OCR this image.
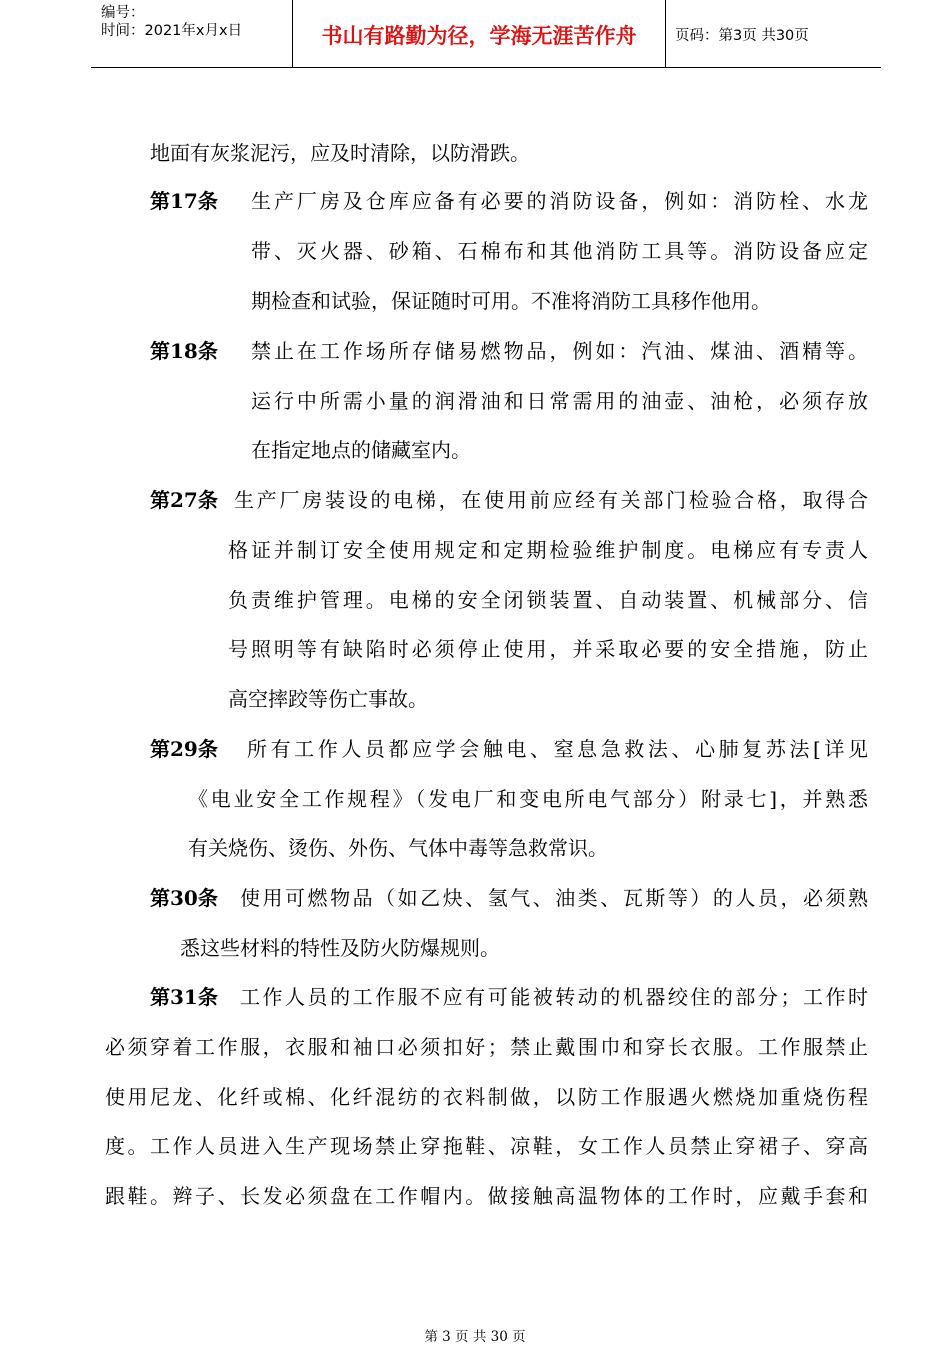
编号：
时间：2021年x月x日	书山有路勤为径，学海无涯苦作舟	页码：第3页 共30页
地面有灰浆泥污，应及时清除，以防滑跌。
第17条 生产厂房及仓库应备有必要的消防设备，例如：消防栓、水龙
带、灭火器、砂箱、石棉布和其他消防工具等。消防设备应定
期检查和试验，保证随时可用。不准将消防工具移作他用。
第18条 禁止在工作场所存储易燃物品，例如：汽油、煤油、酒精等。
运行中所需小量的润滑油和日常需用的油壶、油枪，必须存放
在指定地点的储藏室内。
第27条 生产厂房装设的电梯，在使用前应经有关部门检验合格，取得合
格证并制订安全使用规定和定期检验维护制度。电梯应有专责人
负责维护管理。电梯的安全闭锁装置、自动装置、机械部分、信
号照明等有缺陷时必须停止使用，并采取必要的安全措施，防止
高空摔跤等伤亡事故。
第29条 所有工作人员都应学会触电、窒息急救法、心肺复苏法[详见
《电业安全工作规程》（发电厂和变电所电气部分）附录七]，并熟悉
有关烧伤、烫伤、外伤、气体中毒等急救常识。
第30条 使用可燃物品（如乙炔、氢气、油类、瓦斯等）的人员，必须熟
悉这些材料的特性及防火防爆规则。
第31条 工作人员的工作服不应有可能被转动的机器绞住的部分；工作时
必须穿着工作服，衣服和袖口必须扣好；禁止戴围巾和穿长衣服。工作服禁止
使用尼龙、化纤或棉、化纤混纺的衣料制做，以防工作服遇火燃烧加重烧伤程
度。工作人员进入生产现场禁止穿拖鞋、凉鞋，女工作人员禁止穿裙子、穿高
跟鞋。辫子、长发必须盘在工作帽内。做接触高温物体的工作时，应戴手套和
第 3 页 共 30 页
